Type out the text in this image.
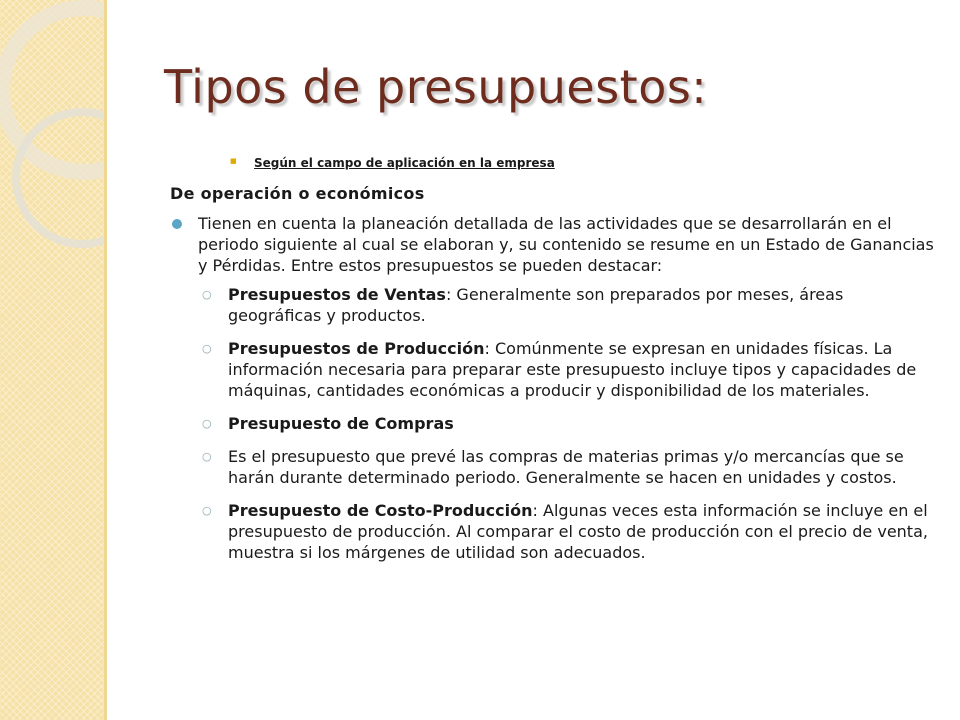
Tipos de presupuestos:
■ Según el campo de aplicación en la empresa
De operación o económicos
Tienen en cuenta la planeación detallada de las actividades que se desarrollarán en el periodo siguiente al cual se elaboran y, su contenido se resume en un Estado de Ganancias y Pérdidas. Entre estos presupuestos se pueden destacar:
○ Presupuestos de Ventas: Generalmente son preparados por meses, áreas geográficas y productos.
○ Presupuestos de Producción: Comúnmente se expresan en unidades físicas. La información necesaria para preparar este presupuesto incluye tipos y capacidades de máquinas, cantidades económicas a producir y disponibilidad de los materiales.
○ Presupuesto de Compras
○ Es el presupuesto que prevé las compras de materias primas y/o mercancías que se harán durante determinado periodo. Generalmente se hacen en unidades y costos.
○ Presupuesto de Costo-Producción: Algunas veces esta información se incluye en el presupuesto de producción. Al comparar el costo de producción con el precio de venta, muestra si los márgenes de utilidad son adecuados.
